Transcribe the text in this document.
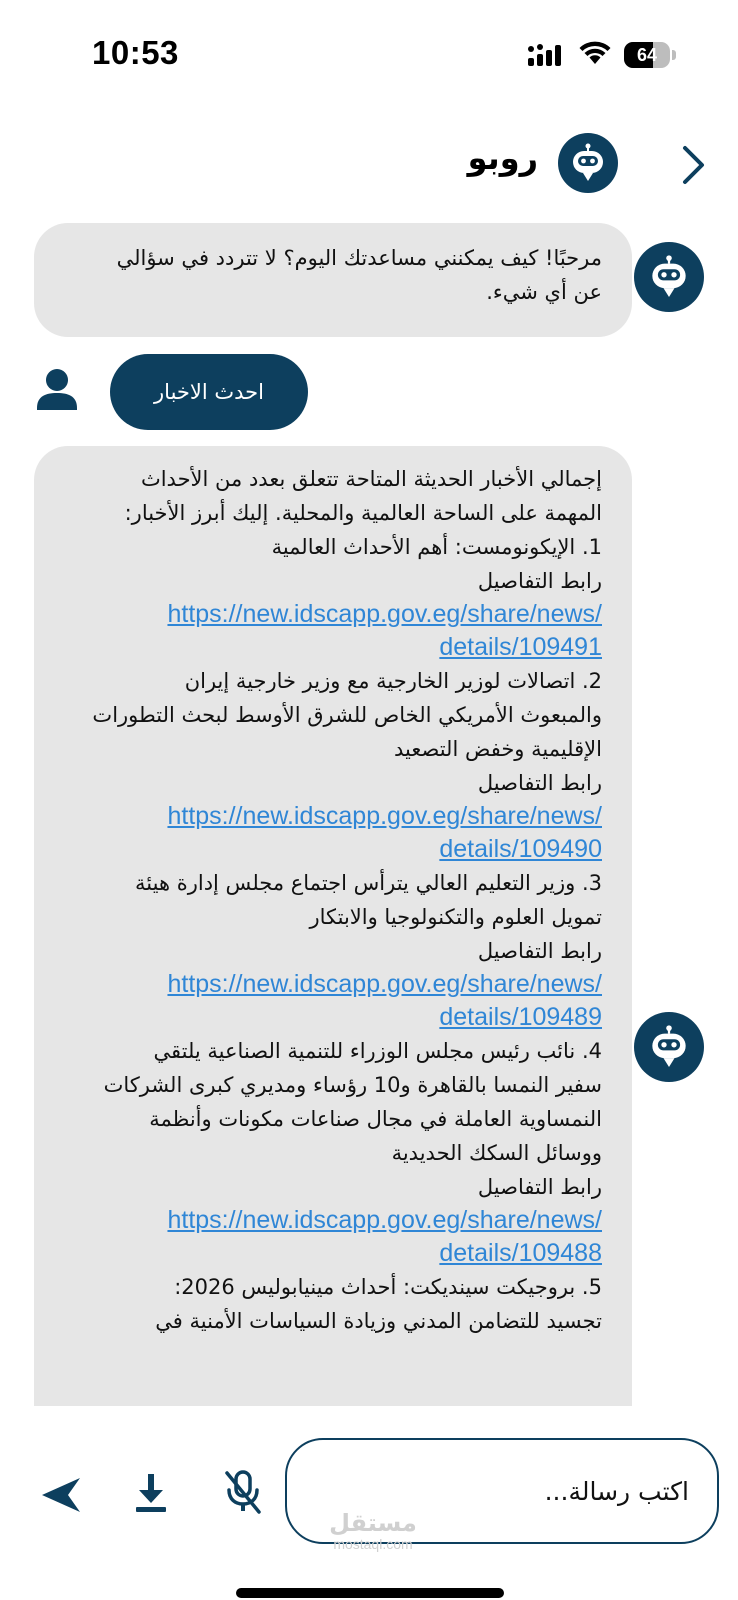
10:53	64
روبو
مرحبًا! كيف يمكنني مساعدتك اليوم؟ لا تتردد في سؤالي
عن أي شيء.
احدث الاخبار

إجمالي الأخبار الحديثة المتاحة تتعلق بعدد من الأحداث

المهمة على الساحة العالمية والمحلية. إليك أبرز الأخبار:

1. الإيكونومست: أهم الأحداث العالمية

رابط التفاصيل

https://new.idscapp.gov.eg/share/news/
details/109491

2. اتصالات لوزير الخارجية مع وزير خارجية إيران

والمبعوث الأمريكي الخاص للشرق الأوسط لبحث التطورات

الإقليمية وخفض التصعيد

رابط التفاصيل

https://new.idscapp.gov.eg/share/news/
details/109490

3. وزير التعليم العالي يترأس اجتماع مجلس إدارة هيئة

تمويل العلوم والتكنولوجيا والابتكار

رابط التفاصيل

https://new.idscapp.gov.eg/share/news/
details/109489

4. نائب رئيس مجلس الوزراء للتنمية الصناعية يلتقي

سفير النمسا بالقاهرة و10 رؤساء ومديري كبرى الشركات

النمساوية العاملة في مجال صناعات مكونات وأنظمة

ووسائل السكك الحديدية

رابط التفاصيل

https://new.idscapp.gov.eg/share/news/
details/109488

5. بروجيكت سينديكت: أحداث مينيابوليس 2026:

تجسيد للتضامن المدني وزيادة السياسات الأمنية في

اكتب رسالة...
مستقل
mostaql.com
